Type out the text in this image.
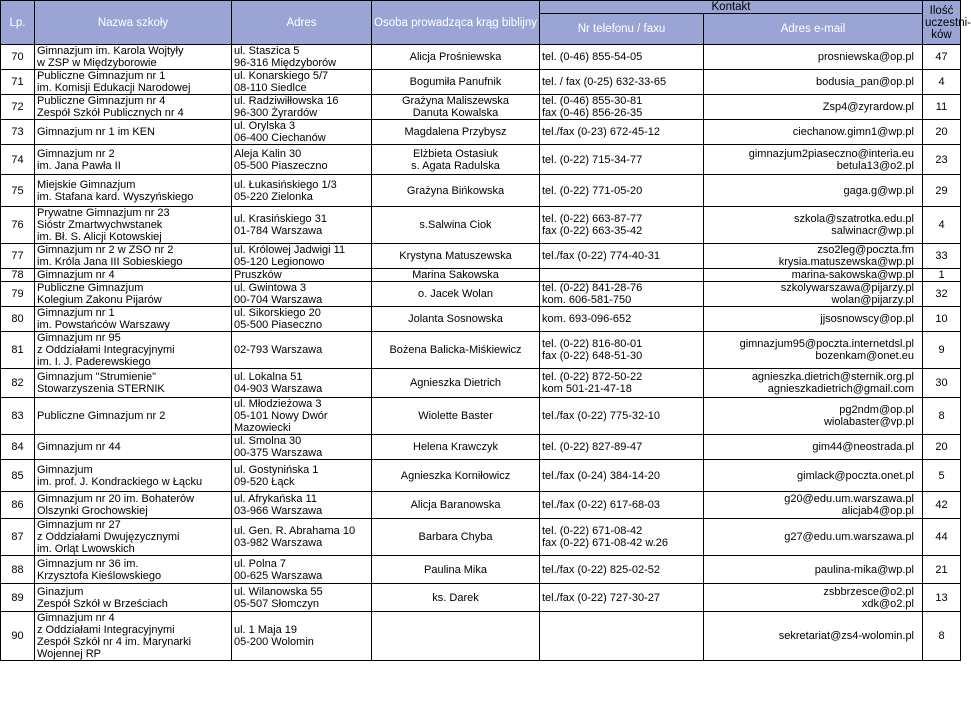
Lp.	Nazwa szkoły	Adres	Osoba prowadząca krąg biblijny	Kontakt		Ilość
uczestni-
ków

				Nr telefonu / faxu	Adres e-mail	
70	Gimnazjum im. Karola Wojtyły
w ZSP w Międzyborowie	ul. Staszica 5
96-316 Międzyborów	Alicja Prośniewska	tel. (0-46) 855-54-05	prosniewska@op.pl	47
71	Publiczne Gimnazjum nr 1
im. Komisji Edukacji Narodowej	ul. Konarskiego 5/7
08-110 Siedlce	Bogumiła Panufnik	tel. / fax (0-25) 632-33-65	bodusia_pan@op.pl	4
72	Publiczne Gimnazjum nr 4
Zespół Szkół Publicznych nr 4	ul. Radziwiłłowska 16
96-300 Żyrardów	Grażyna Maliszewska
Danuta Kowalska	tel. (0-46) 855-30-81
fax (0-46) 856-26-35	Zsp4@zyrardow.pl	11
73	Gimnazjum nr 1 im KEN	ul. Orylska 3
06-400 Ciechanów	Magdalena Przybysz	tel./fax (0-23) 672-45-12	ciechanow.gimn1@wp.pl	20
74	Gimnazjum nr 2
im. Jana Pawła II	Aleja Kalin 30
05-500 Piaszeczno	Elżbieta Ostasiuk
s. Agata Radulska	tel. (0-22) 715-34-77	gimnazjum2piaseczno@interia.eu
betula13@o2.pl	23
75	Miejskie Gimnazjum
im. Stafana kard. Wyszyńskiego	ul. Łukasińskiego 1/3
05-220 Zielonka	Grażyna Bińkowska	tel. (0-22) 771-05-20	gaga.g@wp.pl	29
76	Prywatne Gimnazjum nr 23
Sióstr Zmartwychwstanek
im. Bł. S. Alicji Kotowskiej	ul. Krasińskiego 31
01-784 Warszawa	s.Salwina Ciok	tel. (0-22) 663-87-77
fax (0-22) 663-35-42	szkola@szatrotka.edu.pl
salwinacr@wp.pl	4
77	Gimnazjum nr 2 w ZSO nr 2
im. Króla Jana III Sobieskiego	ul. Królowej Jadwigi 11
05-120 Legionowo	Krystyna Matuszewska	tel./fax (0-22) 774-40-31	zso2leg@poczta.fm
krysia.matuszewska@wp.pl	33
78	Gimnazjum nr 4	Pruszków	Marina Sakowska		marina-sakowska@wp.pl	1
79	Publiczne Gimnazjum
Kolegium Zakonu Pijarów	ul. Gwintowa 3
00-704 Warszawa	o. Jacek Wolan	tel. (0-22) 841-28-76
kom. 606-581-750	szkolywarszawa@pijarzy.pl
wolan@pijarzy.pl	32
80	Gimnazjum nr 1
im. Powstańców Warszawy	ul. Sikorskiego 20
05-500 Piaseczno	Jolanta Sosnowska	kom. 693-096-652	jjsosnowscy@op.pl	10
81	Gimnazjum nr 95
z Oddziałami Integracyjnymi
im. I. J. Paderewskiego	02-793 Warszawa	Bożena Balicka-Miśkiewicz	tel. (0-22) 816-80-01
fax (0-22) 648-51-30	gimnazjum95@poczta.internetdsl.pl
bozenkam@onet.eu	9
82	Gimnazjum "Strumienie"
Stowarzyszenia STERNIK	ul. Lokalna 51
04-903 Warszawa	Agnieszka Dietrich	tel. (0-22) 872-50-22
kom 501-21-47-18	agnieszka.dietrich@sternik.org.pl
agnieszkadietrich@gmail.com	30
83	Publiczne Gimnazjum nr 2	ul. Młodzieżowa 3
05-101 Nowy Dwór
Mazowiecki	Wiolette Baster	tel./fax (0-22) 775-32-10	pg2ndm@op.pl
wiolabaster@vp.pl	8
84	Gimnazjum nr 44	ul. Smolna 30
00-375 Warszawa	Helena Krawczyk	tel. (0-22) 827-89-47	gim44@neostrada.pl	20
85	Gimnazjum
im. prof. J. Kondrackiego w Łącku	ul. Gostynińska 1
09-520 Łąck	Agnieszka Korniłowicz	tel./fax (0-24) 384-14-20	gimlack@poczta.onet.pl	5
86	Gimnazjum nr 20 im. Bohaterów
Olszynki Grochowskiej	ul. Afrykańska 11
03-966 Warszawa	Alicja Baranowska	tel./fax (0-22) 617-68-03	g20@edu.um.warszawa.pl
alicjab4@op.pl	42
87	Gimnazjum nr 27
z Oddziałami Dwujęzycznymi
im. Orląt Lwowskich	ul. Gen. R. Abrahama 10
03-982 Warszawa	Barbara Chyba	tel. (0-22) 671-08-42
fax (0-22) 671-08-42 w.26	g27@edu.um.warszawa.pl	44
88	Gimnazjum nr 36 im.
Krzysztofa Kieślowskiego	ul. Polna 7
00-625 Warszawa	Paulina Mika	tel./fax (0-22) 825-02-52	paulina-mika@wp.pl	21
89	Ginazjum
Zespół Szkół w Brześciach	ul. Wilanowska 55
05-507 Słomczyn	ks. Darek	tel./fax (0-22) 727-30-27	zsbbrzesce@o2.pl
xdk@o2.pl	13
90	Gimnazjum nr 4
z Oddziałami Integracyjnymi
Zespół Szkół nr 4 im. Marynarki
Wojennej RP	ul. 1 Maja 19
05-200 Wolomin			sekretariat@zs4-wolomin.pl	8
